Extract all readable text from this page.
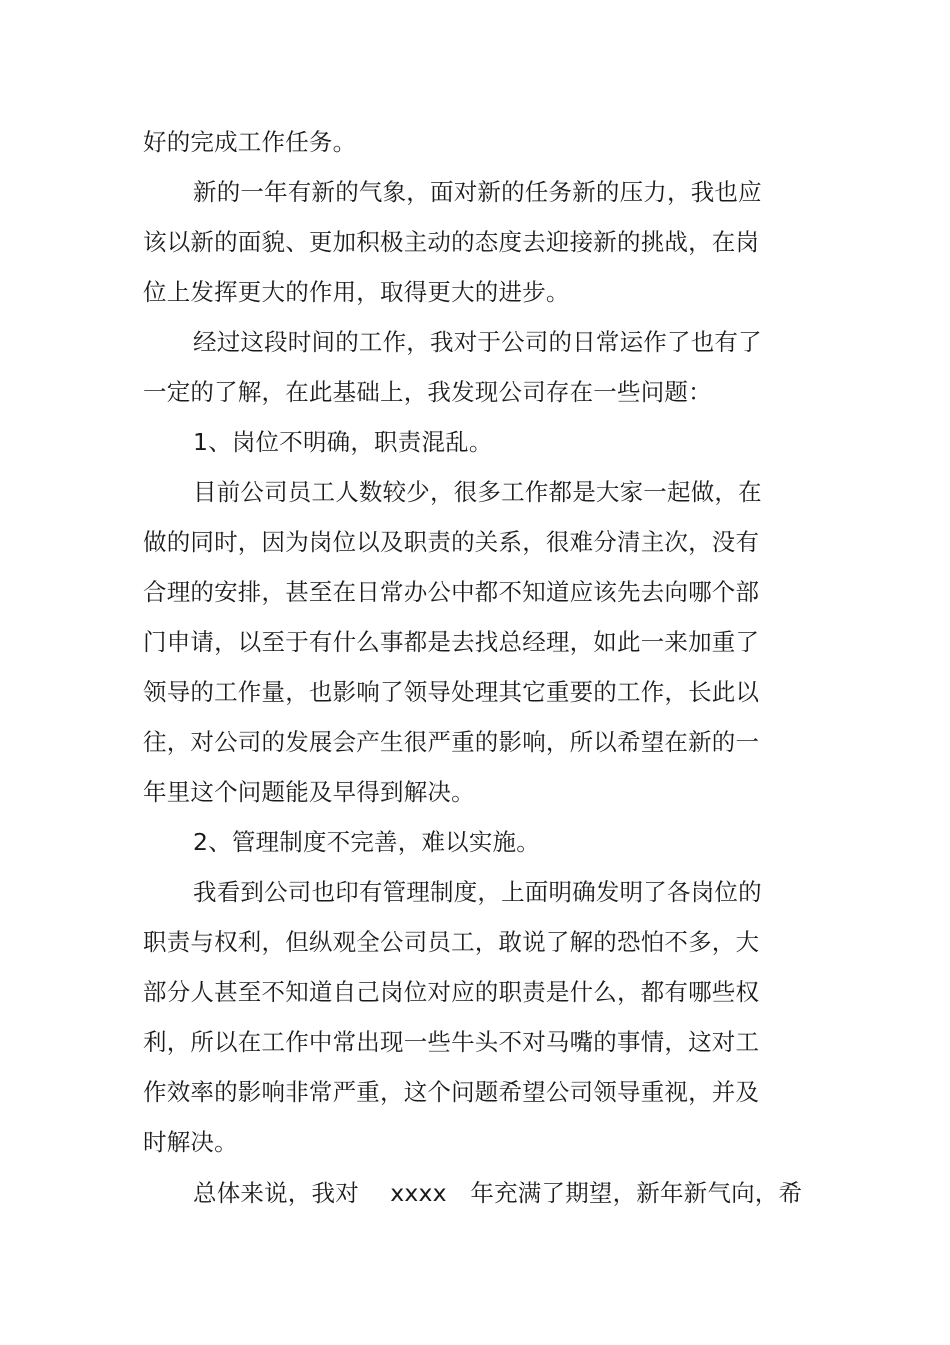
好的完成工作任务。
新的一年有新的气象，面对新的任务新的压力，我也应
该以新的面貌、更加积极主动的态度去迎接新的挑战，在岗
位上发挥更大的作用，取得更大的进步。
经过这段时间的工作，我对于公司的日常运作了也有了
一定的了解，在此基础上，我发现公司存在一些问题：
1、岗位不明确，职责混乱。
目前公司员工人数较少，很多工作都是大家一起做，在
做的同时，因为岗位以及职责的关系，很难分清主次，没有
合理的安排，甚至在日常办公中都不知道应该先去向哪个部
门申请，以至于有什么事都是去找总经理，如此一来加重了
领导的工作量，也影响了领导处理其它重要的工作，长此以
往，对公司的发展会产生很严重的影响，所以希望在新的一
年里这个问题能及早得到解决。
2、管理制度不完善，难以实施。
我看到公司也印有管理制度，上面明确发明了各岗位的
职责与权利，但纵观全公司员工，敢说了解的恐怕不多，大
部分人甚至不知道自己岗位对应的职责是什么，都有哪些权
利，所以在工作中常出现一些牛头不对马嘴的事情，这对工
作效率的影响非常严重，这个问题希望公司领导重视，并及
时解决。
总体来说，我对　 xxxx　年充满了期望，新年新气向，希
